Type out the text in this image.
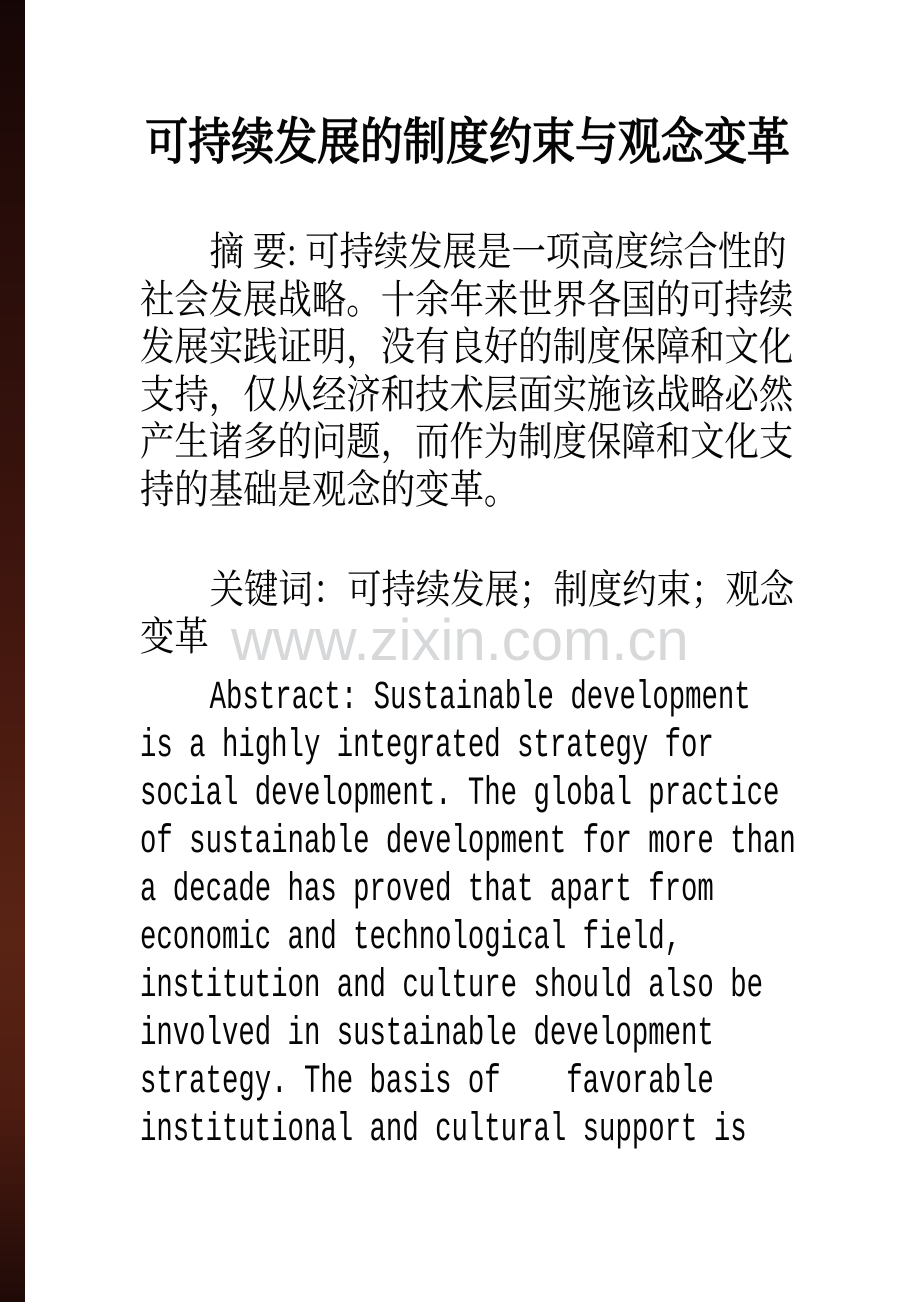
www.zixin.com.cn
可持续发展的制度约束与观念变革
摘 要: 可持续发展是一项高度综合性的
社会发展战略。十余年来世界各国的可持续
发展实践证明，没有良好的制度保障和文化
支持，仅从经济和技术层面实施该战略必然
产生诸多的问题，而作为制度保障和文化支
持的基础是观念的变革。
关键词：可持续发展；制度约束；观念
变革
Abstract: Sustainable development
is a highly integrated strategy for
social development. The global practice
of sustainable development for more than
a decade has proved that apart from
economic and technological field,
institution and culture should also be
involved in sustainable development
strategy. The basis of    favorable
institutional and cultural support is
